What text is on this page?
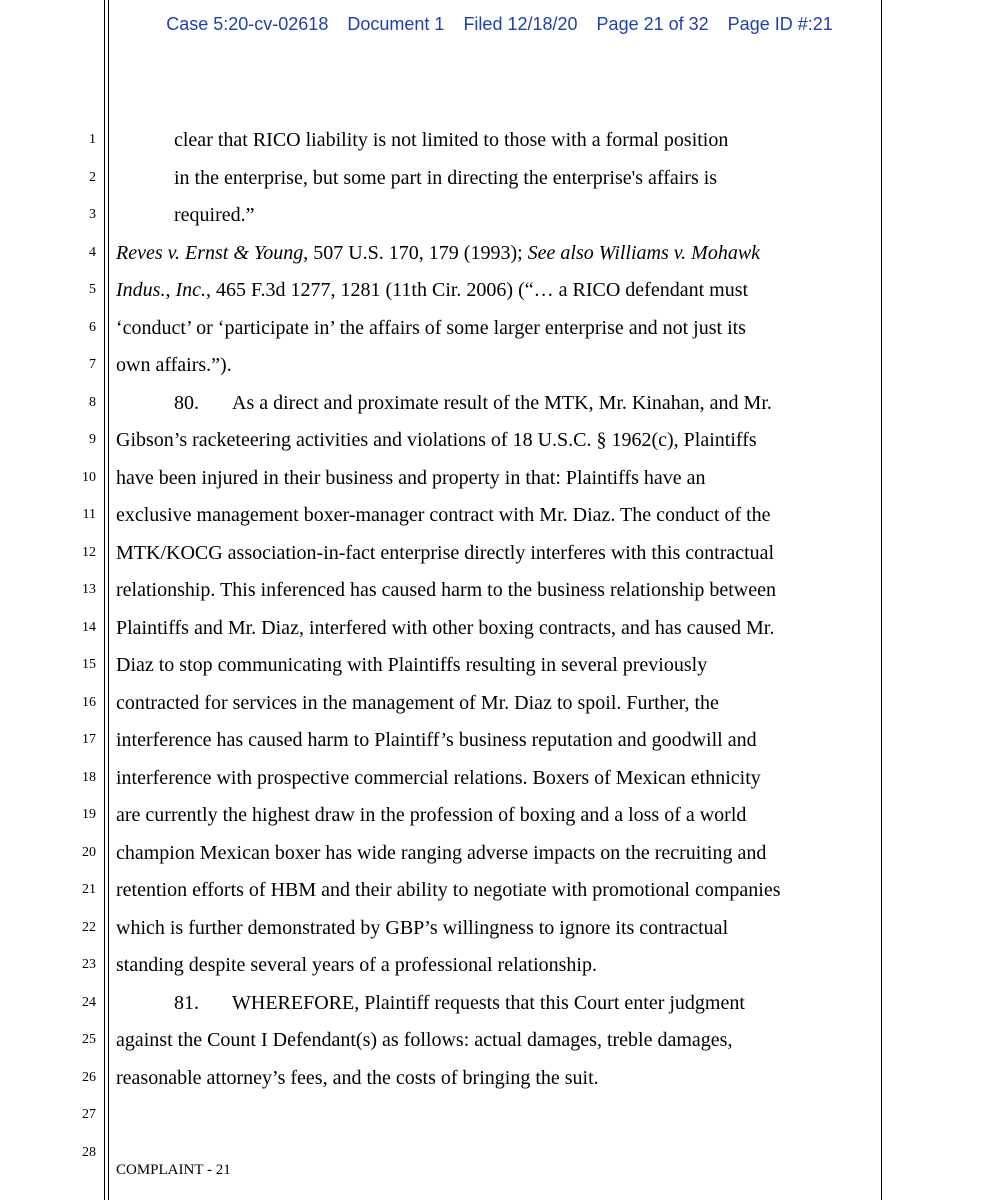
Case 5:20-cv-02618 Document 1 Filed 12/18/20 Page 21 of 32 Page ID #:21
1
2
3
4
5
6
7
8
9
10
11
12
13
14
15
16
17
18
19
20
21
22
23
24
25
26
27
28
clear that RICO liability is not limited to those with a formal position
in the enterprise, but some part in directing the enterprise's affairs is
required.”
Reves v. Ernst & Young, 507 U.S. 170, 179 (1993); See also Williams v. Mohawk
Indus., Inc., 465 F.3d 1277, 1281 (11th Cir. 2006) (“… a RICO defendant must
‘conduct’ or ‘participate in’ the affairs of some larger enterprise and not just its
own affairs.”).
80. As a direct and proximate result of the MTK, Mr. Kinahan, and Mr.
Gibson’s racketeering activities and violations of 18 U.S.C. § 1962(c), Plaintiffs
have been injured in their business and property in that: Plaintiffs have an
exclusive management boxer-manager contract with Mr. Diaz. The conduct of the
MTK/KOCG association-in-fact enterprise directly interferes with this contractual
relationship. This inferenced has caused harm to the business relationship between
Plaintiffs and Mr. Diaz, interfered with other boxing contracts, and has caused Mr.
Diaz to stop communicating with Plaintiffs resulting in several previously
contracted for services in the management of Mr. Diaz to spoil. Further, the
interference has caused harm to Plaintiff’s business reputation and goodwill and
interference with prospective commercial relations. Boxers of Mexican ethnicity
are currently the highest draw in the profession of boxing and a loss of a world
champion Mexican boxer has wide ranging adverse impacts on the recruiting and
retention efforts of HBM and their ability to negotiate with promotional companies
which is further demonstrated by GBP’s willingness to ignore its contractual
standing despite several years of a professional relationship.
81. WHEREFORE, Plaintiff requests that this Court enter judgment
against the Count I Defendant(s) as follows: actual damages, treble damages,
reasonable attorney’s fees, and the costs of bringing the suit.
COMPLAINT - 21
